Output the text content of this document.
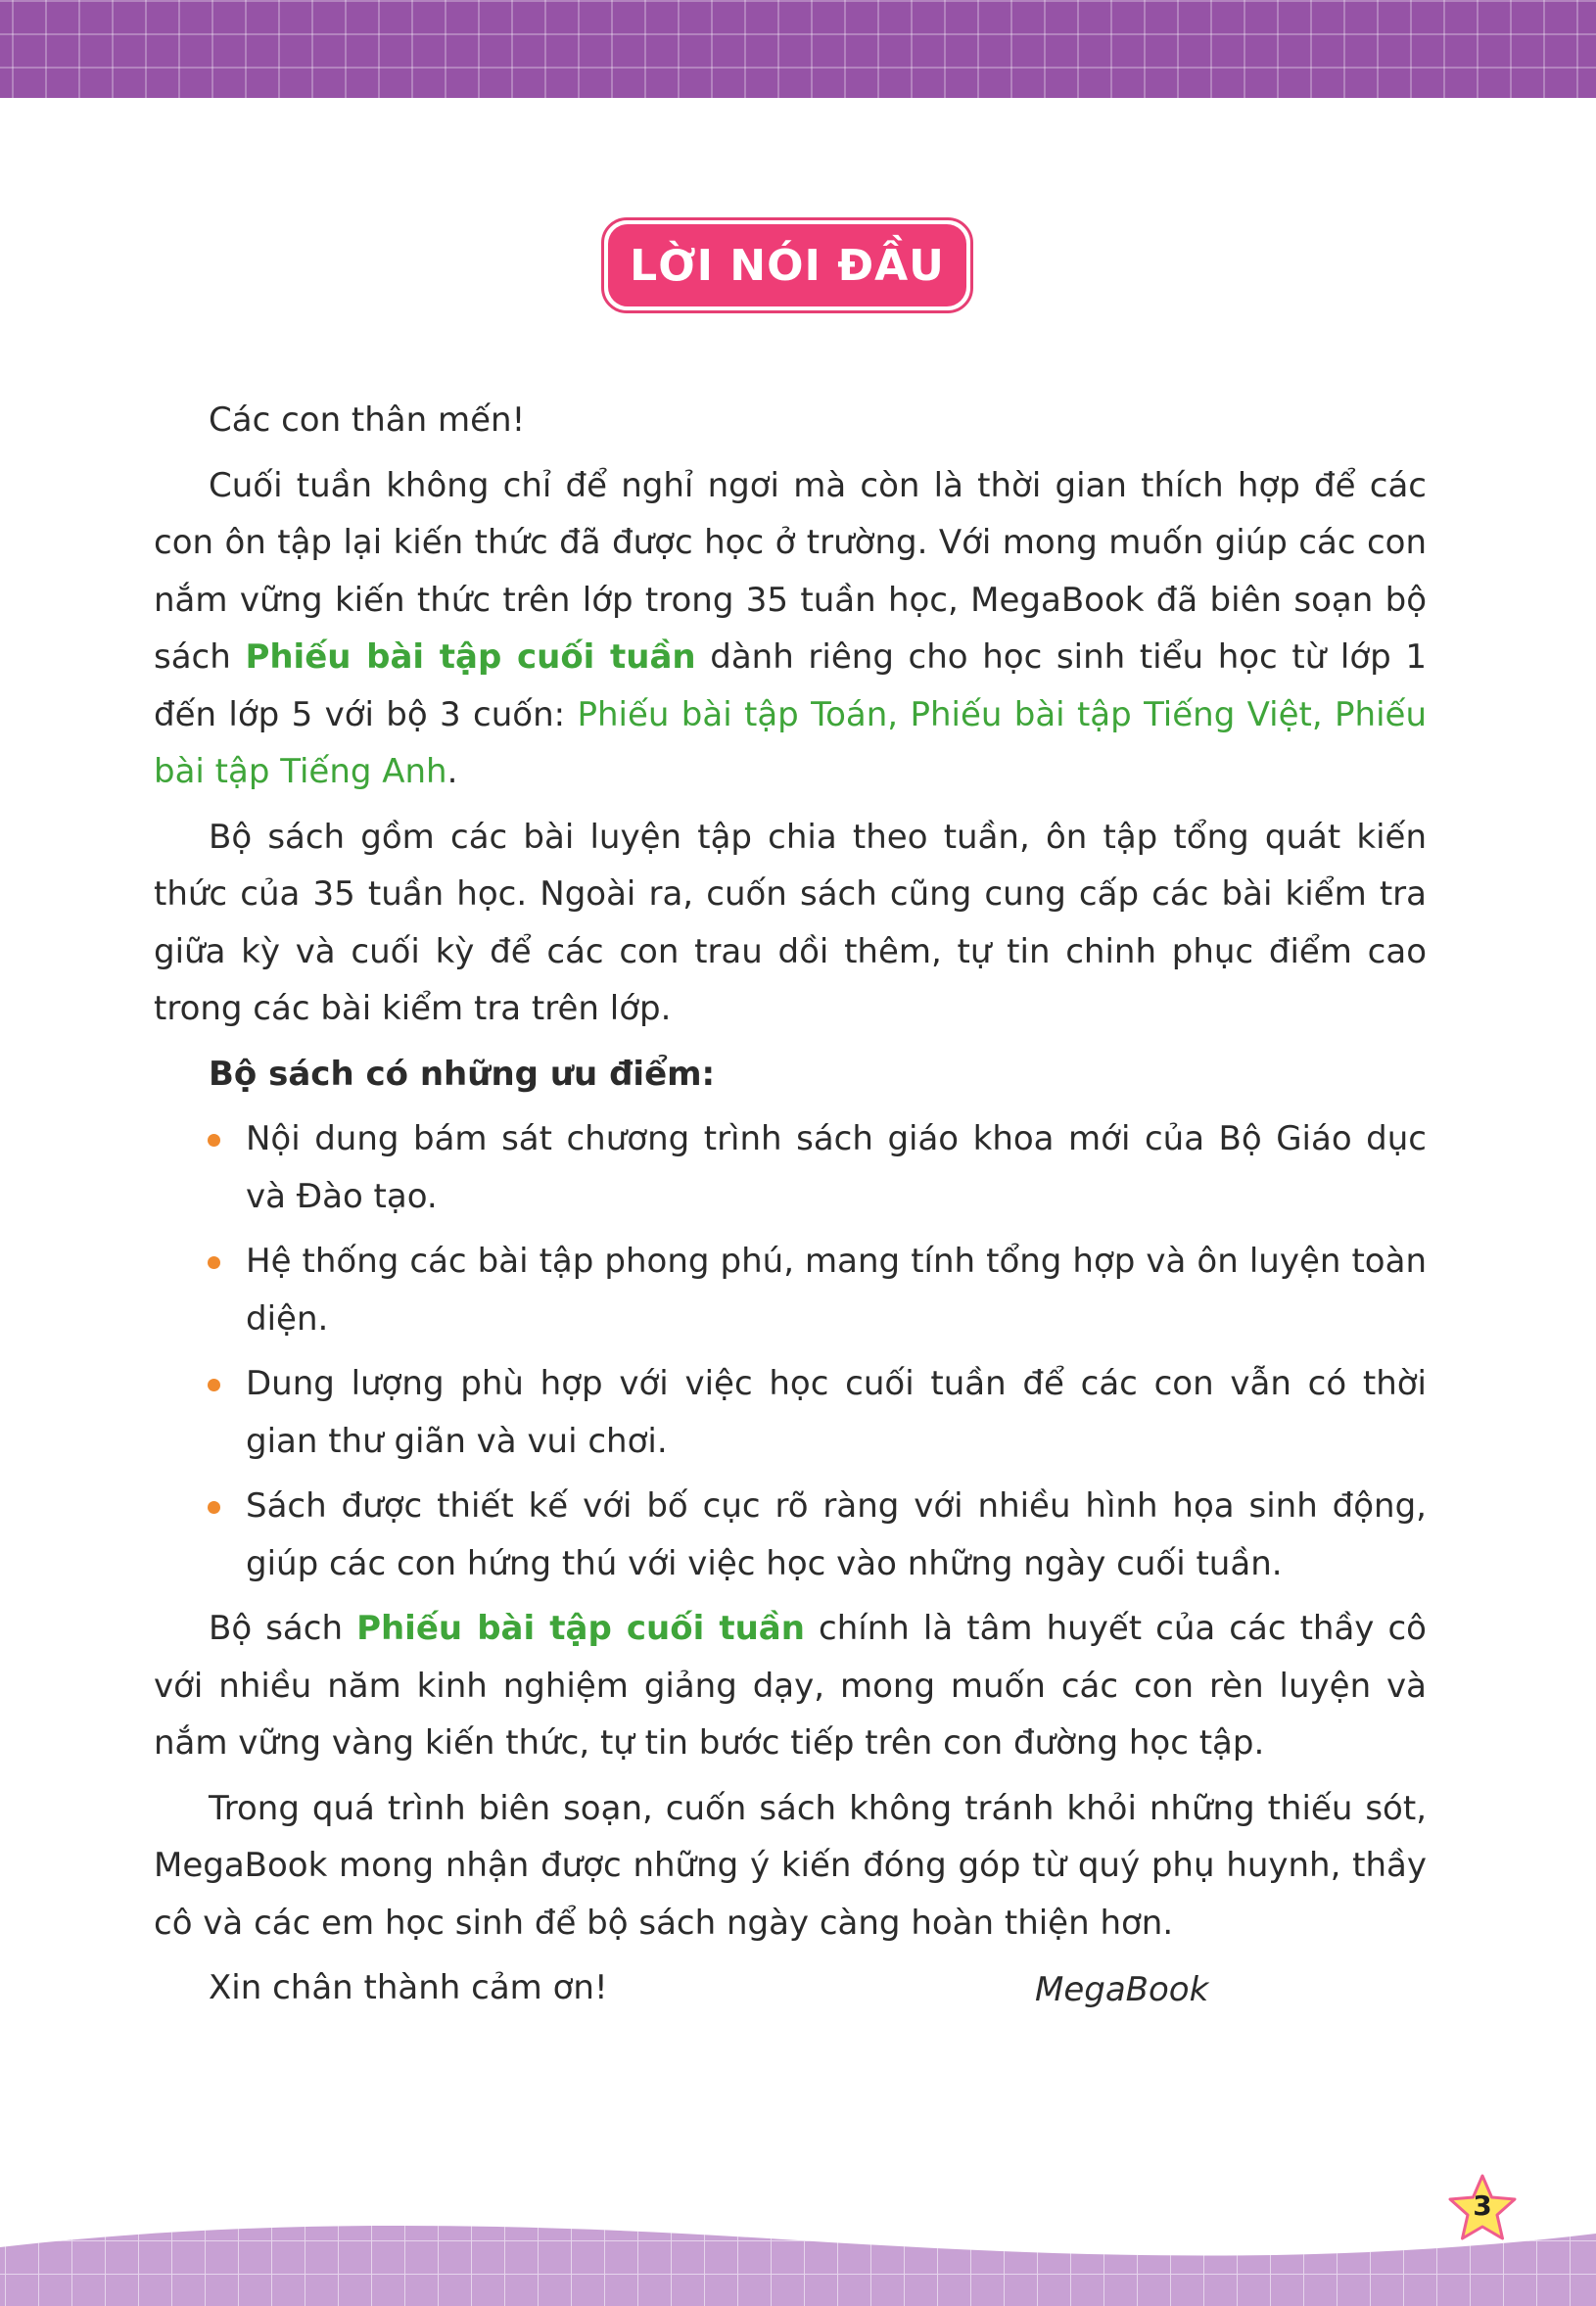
LỜI NÓI ĐẦU

Các con thân mến!

Cuối tuần không chỉ để nghỉ ngơi mà còn là thời gian thích hợp để các con ôn tập lại kiến thức đã được học ở trường. Với mong muốn giúp các con nắm vững kiến thức trên lớp trong 35 tuần học, MegaBook đã biên soạn bộ sách Phiếu bài tập cuối tuần dành riêng cho học sinh tiểu học từ lớp 1 đến lớp 5 với bộ 3 cuốn: Phiếu bài tập Toán, Phiếu bài tập Tiếng Việt, Phiếu bài tập Tiếng Anh.

Bộ sách gồm các bài luyện tập chia theo tuần, ôn tập tổng quát kiến thức của 35 tuần học. Ngoài ra, cuốn sách cũng cung cấp các bài kiểm tra giữa kỳ và cuối kỳ để các con trau dồi thêm, tự tin chinh phục điểm cao trong các bài kiểm tra trên lớp.

Bộ sách có những ưu điểm:

Nội dung bám sát chương trình sách giáo khoa mới của Bộ Giáo dục và Đào tạo.
Hệ thống các bài tập phong phú, mang tính tổng hợp và ôn luyện toàn diện.
Dung lượng phù hợp với việc học cuối tuần để các con vẫn có thời gian thư giãn và vui chơi.
Sách được thiết kế với bố cục rõ ràng với nhiều hình họa sinh động, giúp các con hứng thú với việc học vào những ngày cuối tuần.

Bộ sách Phiếu bài tập cuối tuần chính là tâm huyết của các thầy cô với nhiều năm kinh nghiệm giảng dạy, mong muốn các con rèn luyện và nắm vững vàng kiến thức, tự tin bước tiếp trên con đường học tập.

Trong quá trình biên soạn, cuốn sách không tránh khỏi những thiếu sót, MegaBook mong nhận được những ý kiến đóng góp từ quý phụ huynh, thầy cô và các em học sinh để bộ sách ngày càng hoàn thiện hơn.

Xin chân thành cảm ơn!	MegaBook
3
